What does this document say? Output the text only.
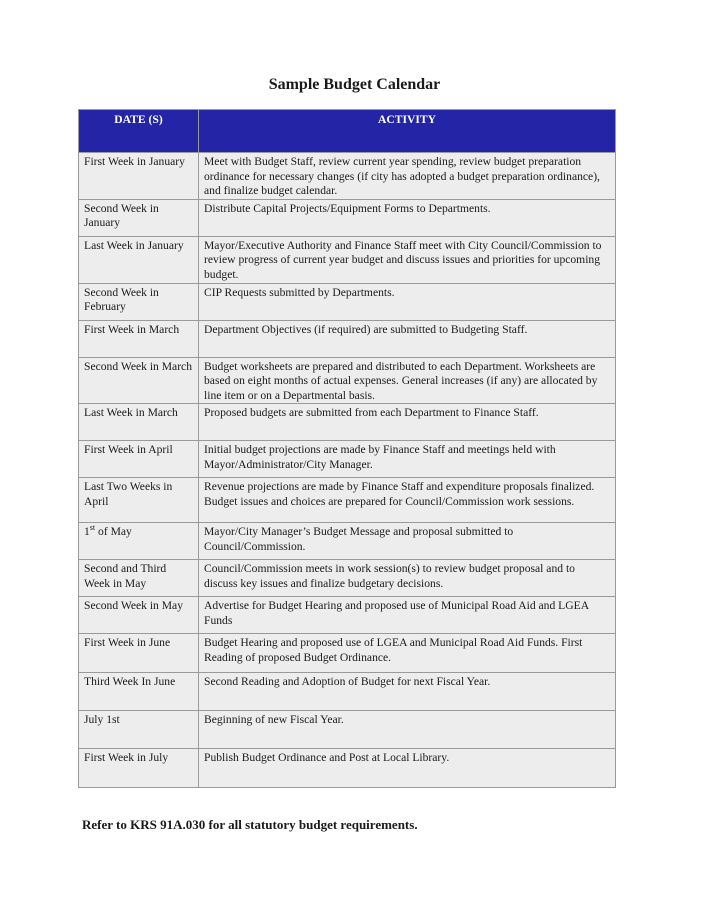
Sample Budget Calendar
DATE (S)	ACTIVITY
First Week in January	Meet with Budget Staff, review current year spending, review budget preparation ordinance for necessary changes (if city has adopted a budget preparation ordinance), and finalize budget calendar.
Second Week in January	Distribute Capital Projects/Equipment Forms to Departments.
Last Week in January	Mayor/Executive Authority and Finance Staff meet with City Council/Commission to review progress of current year budget and discuss issues and priorities for upcoming budget.
Second Week in February	CIP Requests submitted by Departments.
First Week in March	Department Objectives (if required) are submitted to Budgeting Staff.
Second Week in March	Budget worksheets are prepared and distributed to each Department. Worksheets are based on eight months of actual expenses. General increases (if any) are allocated by line item or on a Departmental basis.
Last Week in March	Proposed budgets are submitted from each Department to Finance Staff.
First Week in April	Initial budget projections are made by Finance Staff and meetings held with Mayor/Administrator/City Manager.
Last Two Weeks in April	Revenue projections are made by Finance Staff and expenditure proposals finalized. Budget issues and choices are prepared for Council/Commission work sessions.
1st of May	Mayor/City Manager’s Budget Message and proposal submitted to Council/Commission.
Second and Third Week in May	Council/Commission meets in work session(s) to review budget proposal and to discuss key issues and finalize budgetary decisions.
Second Week in May	Advertise for Budget Hearing and proposed use of Municipal Road Aid and LGEA Funds
First Week in June	Budget Hearing and proposed use of LGEA and Municipal Road Aid Funds. First Reading of proposed Budget Ordinance.
Third Week In June	Second Reading and Adoption of Budget for next Fiscal Year.
July 1st	Beginning of new Fiscal Year.
First Week in July	Publish Budget Ordinance and Post at Local Library.
Refer to KRS 91A.030 for all statutory budget requirements.
